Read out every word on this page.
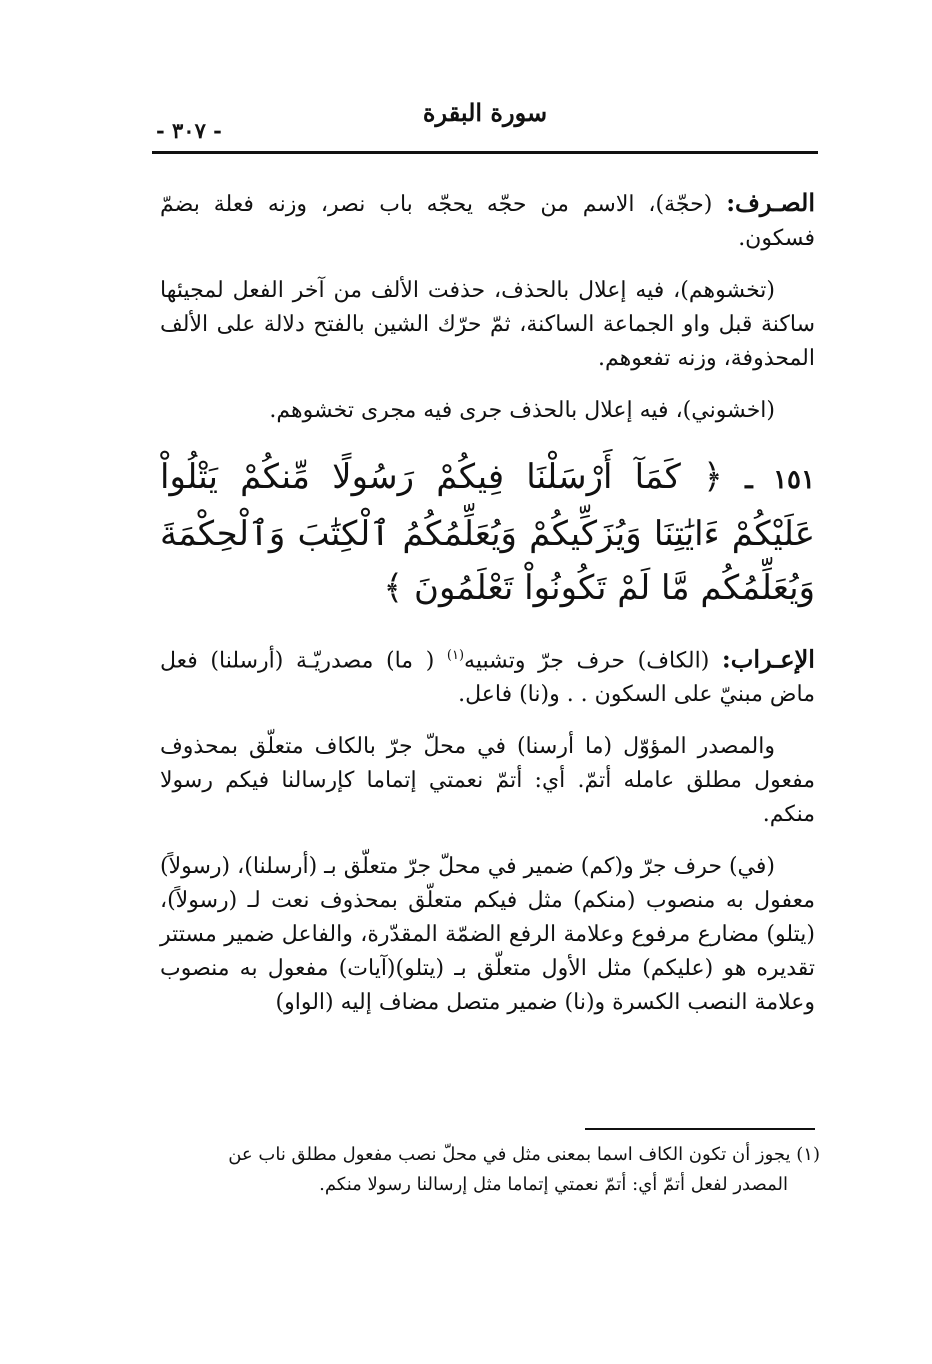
سورة البقرة
- ٣٠٧ -

الصـرف: (حجّة)، الاسم من حجّه يحجّه باب نصر، وزنه فعلة بضمّ فسكون.

(تخشوهم)، فيه إعلال بالحذف، حذفت الألف من آخر الفعل لمجيئها ساكنة قبل واو الجماعة الساكنة، ثمّ حرّك الشين بالفتح دلالة على الألف المحذوفة، وزنه تفعوهم.

(اخشوني)، فيه إعلال بالحذف جرى فيه مجرى تخشوهم.

١٥١ ـ ﴿ كَمَآ أَرْسَلْنَا فِيكُمْ رَسُولًا مِّنكُمْ يَتْلُواْ عَلَيْكُمْ ءَايَٰتِنَا وَيُزَكِّيكُمْ وَيُعَلِّمُكُمُ ٱلْكِتَٰبَ وَٱلْحِكْمَةَ وَيُعَلِّمُكُم مَّا لَمْ تَكُونُواْ تَعْلَمُونَ ﴾

الإعـراب: (الكاف) حرف جرّ وتشبيه$^{(١)}$ ( ما) مصدريّـة (أرسلنا) فعل ماض مبنيّ على السكون . . و(نا) فاعل.

والمصدر المؤوّل (ما أرسنا) في محلّ جرّ بالكاف متعلّق بمحذوف مفعول مطلق عامله أتمّ. أي: أتمّ نعمتي إتماما كإرسالنا فيكم رسولا منكم.

(في) حرف جرّ و(كم) ضمير في محلّ جرّ متعلّق بـ (أرسلنا)، (رسولاً) معفول به منصوب (منكم) مثل فيكم متعلّق بمحذوف نعت لـ (رسولاً)، (يتلو) مضارع مرفوع وعلامة الرفع الضمّة المقدّرة، والفاعل ضمير مستتر تقديره هو (عليكم) مثل الأول متعلّق بـ (يتلو)(آيات) مفعول به منصوب وعلامة النصب الكسرة و(نا) ضمير متصل مضاف إليه (الواو)

(١) يجوز أن تكون الكاف اسما بمعنى مثل في محلّ نصب مفعول مطلق ناب عن
المصدر لفعل أتمّ أي: أتمّ نعمتي إتماما مثل إرسالنا رسولا منكم.
